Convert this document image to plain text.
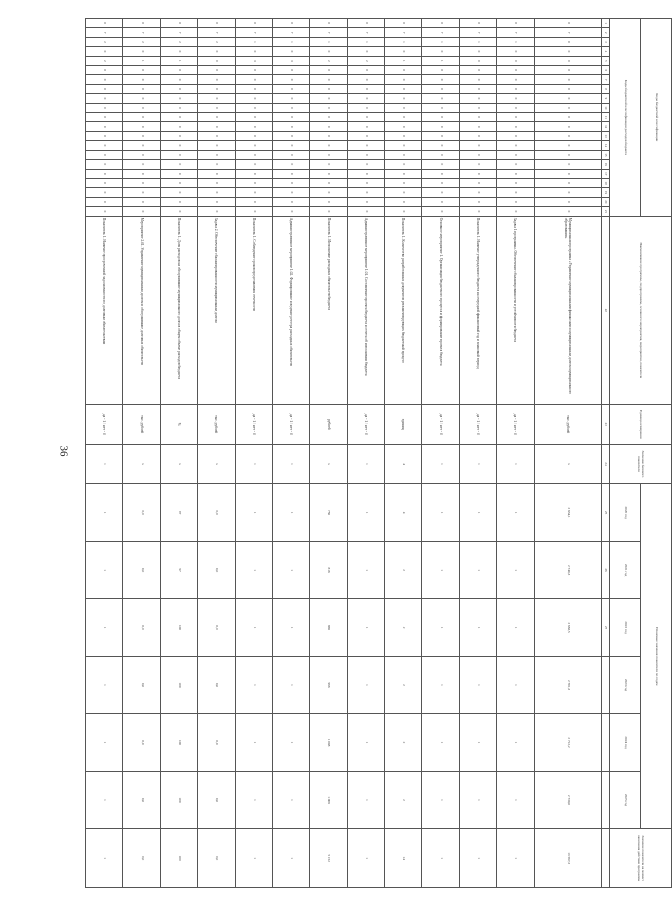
36
Коды бюджетной классификации																					Наименование программы, подпрограммы, основного мероприятия, мероприятия, показателя	Единица измерения	Значение базового показателя	Плановые значения показателя по годам						Значение показателя на момент окончания действия программы
Коды бюджетной классификации расходов бюджета																								2020 год	2021 год	2022 год	2023 год	2024 год	2025 год	
1	2	3	4	5	6	7	8	9	10	11	12	13	14	15	16	17	18	19	20	21	22	23	24	25	26	27				
0	7	0	0	0	0	0	0	0	0	0	0	0	0	0	0	0	0	0	0	0	Муниципальная программа «Управление муниципальными финансами и муниципальным долгом муниципального образования»	тыс. рублей	x	2 834,1	2 740,3	2 683,5	2 701,3	2 712,2	2 730,0	13 567,3
0	7	1	0	0	0	0	0	0	0	0	0	0	0	0	0	0	0	0	0	0	Задача 1 программы. Обеспечение сбалансированности и устойчивости бюджета	да - 1 / нет - 0	1	1	1	1	1	1	1	1
0	7	1	0	0	0	0	0	0	0	0	0	0	0	0	0	0	0	0	0	0	Показатель 1. Наличие утвержденного бюджета на очередной финансовый год и плановый период	да - 1 / нет - 0	1	1	1	1	1	1	1	1
0	7	1	0	1	0	0	0	0	0	0	0	0	0	0	0	0	0	0	0	0	Основное мероприятие 1. Организация бюджетного процесса и формирование проекта бюджета	да - 1 / нет - 0	1	1	1	1	1	1	1	1
0	7	1	0	1	0	0	0	0	0	0	0	0	0	0	0	0	0	0	0	0	Показатель 1. Количество разработанных документов регламентирующих бюджетный процесс	единиц	4	4	2	2	2	2	2	14
0	7	1	0	2	0	0	0	0	0	0	0	0	0	0	0	0	0	0	0	0	Административное мероприятие 1.01. Составление проекта бюджета и отчета об исполнении бюджета	да - 1 / нет - 0	1	1	1	1	1	1	1	1
0	7	1	0	2	0	0	0	0	0	0	0	0	0	0	0	0	0	0	0	0	Показатель 1. Исполнение расходных обязательств бюджета	рублей	x	756	818	866	966	1 008	1 008	5 152
0	7	1	0	3	0	0	0	0	0	0	0	0	0	0	0	0	0	0	0	0	Административное мероприятие 1.02. Формирование и ведение реестра расходных обязательств	да - 1 / нет - 0	1	1	1	1	1	1	1	1
0	7	1	0	3	0	0	0	0	0	0	0	0	0	0	0	0	0	0	0	0	Показатель 1. Соблюдение сроков представления отчетности	да - 1 / нет - 0	1	1	1	1	1	1	1	1
0	7	2	0	0	0	0	0	0	0	0	0	0	0	0	0	0	0	0	0	0	Задача 2. Обеспечение сбалансированности муниципальным долгом	тыс. рублей	x	0,0	0,0	0,0	0,0	0,0	0,0	0,0
0	7	2	0	1	0	0	0	0	0	0	0	0	0	0	0	0	0	0	0	0	Показатель 1. Доля расходов на обслуживание муниципального долга в общем объеме расходов бюджета	%	x	97	97	100	100	100	100	100
0	7	2	0	1	0	0	0	0	0	0	0	0	0	0	0	0	0	0	0	0	Мероприятие 2.01. Управление муниципальным долгом и обслуживание долговых обязательств	тыс. рублей	x	0,0	0,0	0,0	0,0	0,0	0,0	0,0
0	7	2	0	2	0	0	0	0	0	0	0	0	0	0	0	0	0	0	0	0	Показатель 1. Наличие просроченной задолженности по долговым обязательствам	да - 1 / нет - 0	1	1	1	1	1	1	1	1
